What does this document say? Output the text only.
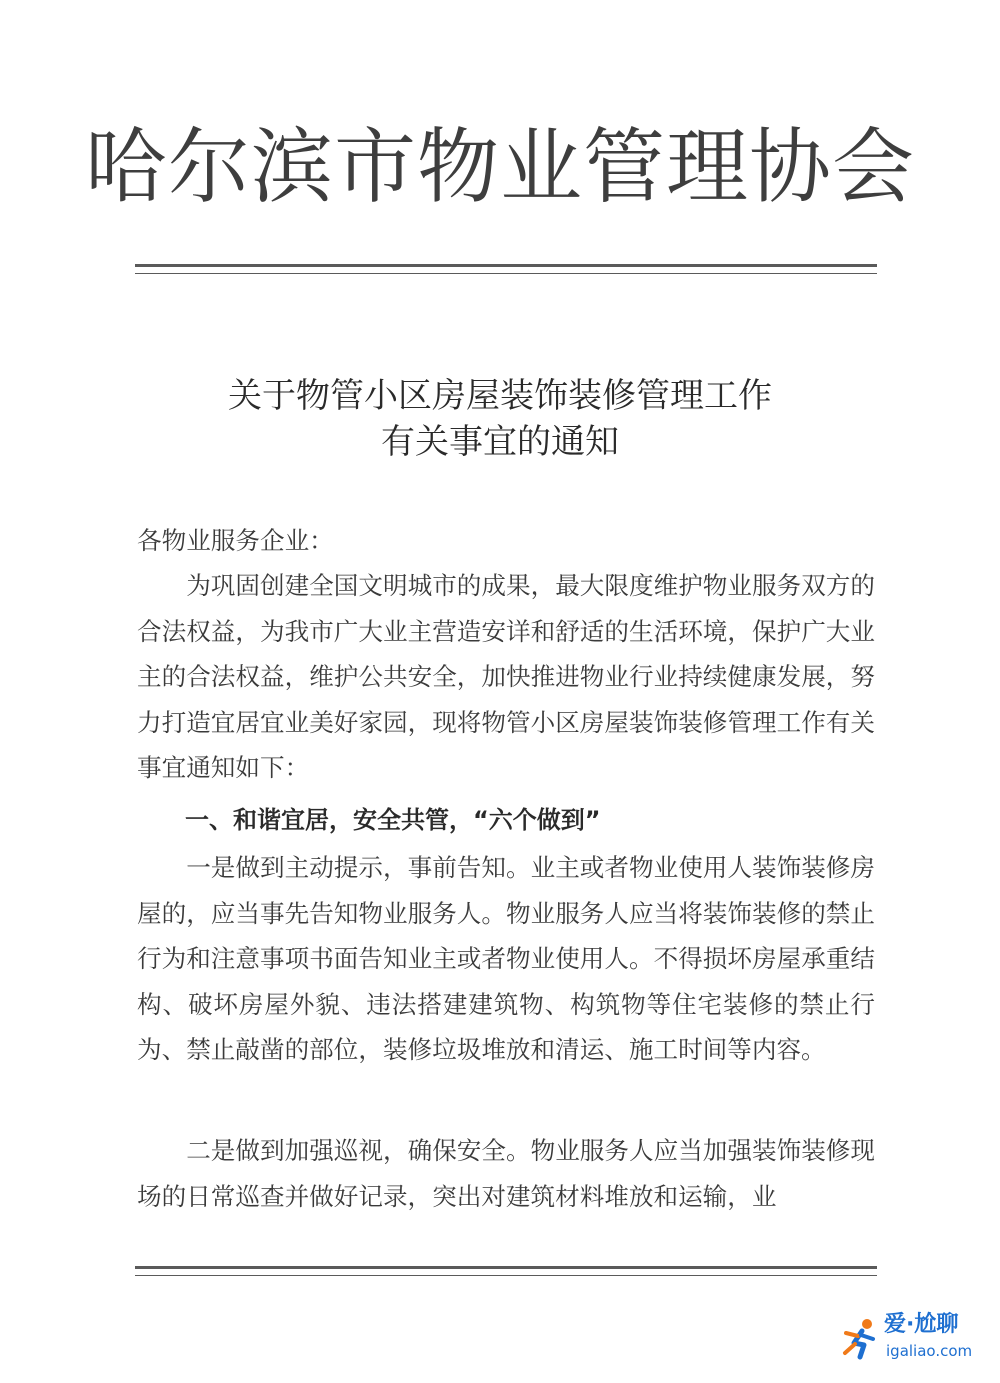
哈尔滨市物业管理协会
关于物管小区房屋装饰装修管理工作
有关事宜的通知
各物业服务企业：
为巩固创建全国文明城市的成果，最大限度维护物业服务双方的合法权益，为我市广大业主营造安详和舒适的生活环境，保护广大业主的合法权益，维护公共安全，加快推进物业行业持续健康发展，努力打造宜居宜业美好家园，现将物管小区房屋装饰装修管理工作有关事宜通知如下：
一、和谐宜居，安全共管，“六个做到”
一是做到主动提示，事前告知。业主或者物业使用人装饰装修房屋的，应当事先告知物业服务人。物业服务人应当将装饰装修的禁止行为和注意事项书面告知业主或者物业使用人。不得损坏房屋承重结构、破坏房屋外貌、违法搭建建筑物、构筑物等住宅装修的禁止行为、禁止敲凿的部位，装修垃圾堆放和清运、施工时间等内容。
二是做到加强巡视，确保安全。物业服务人应当加强装饰装修现场的日常巡查并做好记录，突出对建筑材料堆放和运输，业
爱·尬聊
igaliao.com
